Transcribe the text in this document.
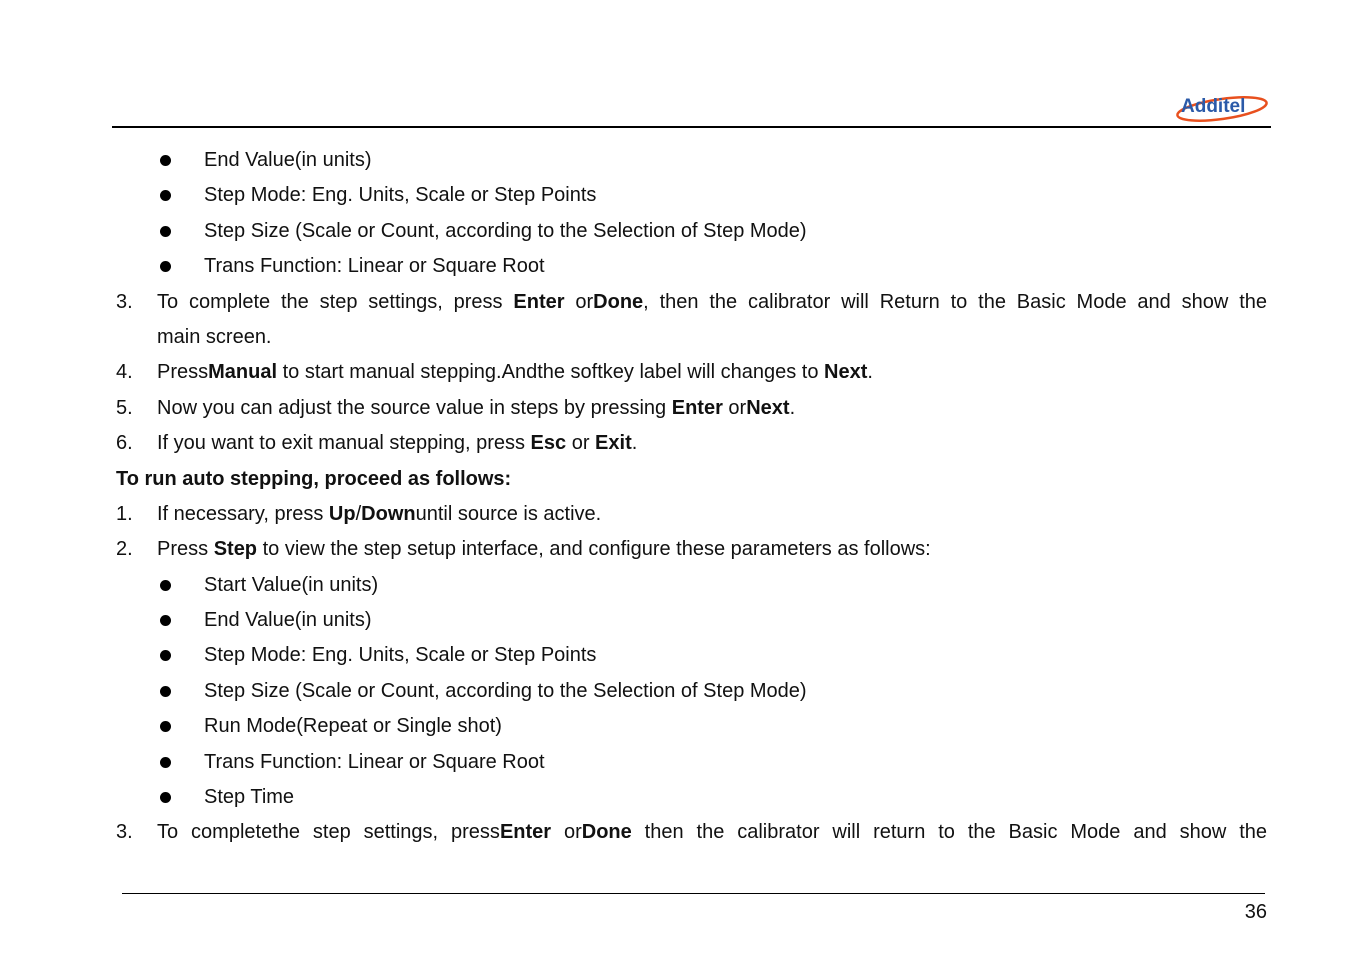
Additel
End Value(in units)
Step Mode: Eng. Units, Scale or Step Points
Step Size (Scale or Count, according to the Selection of Step Mode)
Trans Function: Linear or Square Root
3. To complete the step settings, press Enter orDone, then the calibrator will Return to the Basic Mode and show the
main screen.
4. PressManual to start manual stepping.Andthe softkey label will changes to Next.
5. Now you can adjust the source value in steps by pressing Enter orNext.
6. If you want to exit manual stepping, press Esc or Exit.
To run auto stepping, proceed as follows:
1. If necessary, press Up/Downuntil source is active.
2. Press Step to view the step setup interface, and configure these parameters as follows:
Start Value(in units)
End Value(in units)
Step Mode: Eng. Units, Scale or Step Points
Step Size (Scale or Count, according to the Selection of Step Mode)
Run Mode(Repeat or Single shot)
Trans Function: Linear or Square Root
Step Time
3. To completethe step settings, pressEnter orDone then the calibrator will return to the Basic Mode and show the
36
